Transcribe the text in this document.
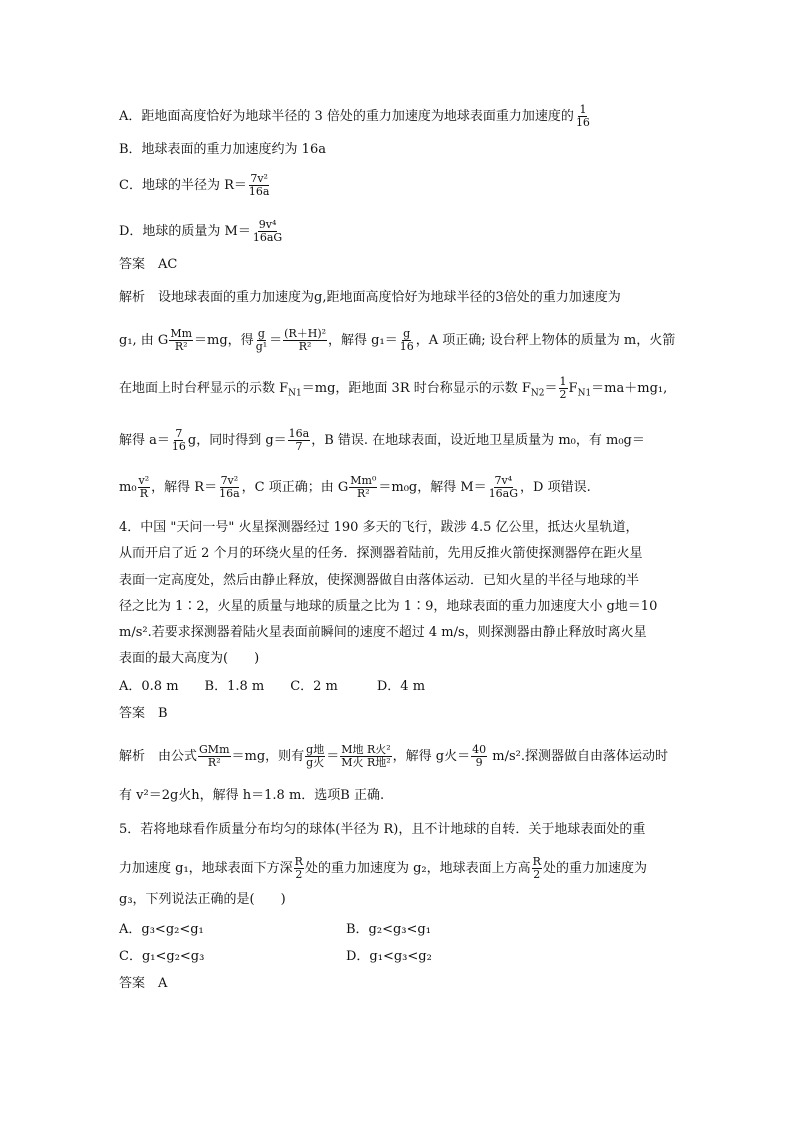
A．距地面高度恰好为地球半径的 3 倍处的重力加速度为地球表面重力加速度的 $\frac{1}{16}$
B．地球表面的重力加速度约为 16a
C．地球的半径为 $R= \frac{\text{7v²}}{16a}$
D．地球的质量为 $M= \frac{\text{9v⁴}}{16aG}$
答案　AC
解析　设地球表面的重力加速度为g,距地面高度恰好为地球半径的3倍处的重力加速度为
g₁, 由 G $\frac{Mm}{\text{R²}} =mg$，得 $\frac{g}{\text{g¹}} = \frac{\text{(R＋H)²}}{\text{R²}}$ ，解得 $g_1= \frac{g}{16}$ ，A 项正确; 设台秤上物体的质量为 m，火箭
在地面上时台秤显示的示数 $F_{N1}=mg$，距地面 3R 时台称显示的示数 $F_{N2}= \frac{1}{2} F_{N1}=ma+mg_1$,
解得 $a= \frac{7}{16}$ g，同时得到 $g= \frac{16a}{7}$ ，B 错误. 在地球表面，设近地卫星质量为 m₀，有 m₀g＝
$m_0 \frac{\text{v²}}{R}$ ，解得 $R= \frac{\text{7v²}}{16a}$ ，C 项正确；由 G $\frac{\text{Mm⁰}}{\text{R²}} =m_0g$，解得 $M= \frac{\text{7v⁴}}{16aG}$ ，D 项错误.
4．中国 "天问一号" 火星探测器经过 190 多天的飞行，跋涉 4.5 亿公里，抵达火星轨道，
从而开启了近 2 个月的环绕火星的任务．探测器着陆前，先用反推火箭使探测器停在距火星
表面一定高度处，然后由静止释放，使探测器做自由落体运动．已知火星的半径与地球的半
径之比为 1∶2，火星的质量与地球的质量之比为 1∶9，地球表面的重力加速度大小 g地＝10
m/s².若要求探测器着陆火星表面前瞬间的速度不超过 4 m/s，则探测器由静止释放时离火星
表面的最大高度为(　　)
A．0.8 m　　B．1.8 m　　C．2 m　　　D．4 m
答案　B
解析　由公式 $\frac{\text{GMm}}{\text{R²}} =mg$，则有 $\frac{\text{g地}}{\text{g火}} = \frac{\text{M地 R火²}}{\text{M火 R地²}}$ ，解得 g火＝ $\frac{40}{9} m/s^2$.探测器做自由落体运动时
有 v²＝2g火h，解得 h＝1.8 m．选项B 正确.
5．若将地球看作质量分布均匀的球体(半径为 R)，且不计地球的自转．关于地球表面处的重
力加速度 g₁，地球表面下方深 $\frac{R}{2}$ 处的重力加速度为 g₂，地球表面上方高 $\frac{R}{2}$ 处的重力加速度为
g₃，下列说法正确的是(　　)
A．g₃<g₂<g₁	B．g₂<g₃<g₁
C．g₁<g₂<g₃	D．g₁<g₃<g₂
答案　A
